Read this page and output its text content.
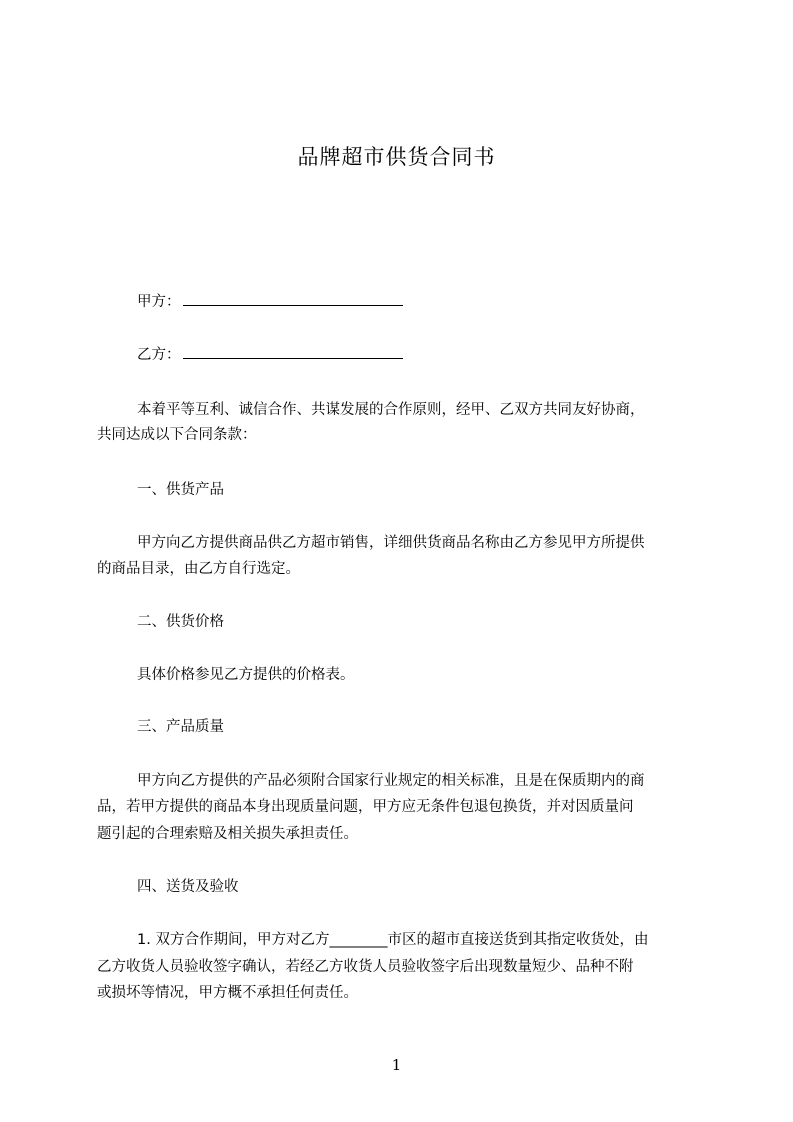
品牌超市供货合同书
甲方：
乙方：
本着平等互利、诚信合作、共谋发展的合作原则，经甲、乙双方共同友好协商，
共同达成以下合同条款：
一、供货产品
甲方向乙方提供商品供乙方超市销售，详细供货商品名称由乙方参见甲方所提供
的商品目录，由乙方自行选定。
二、供货价格
具体价格参见乙方提供的价格表。
三、产品质量
甲方向乙方提供的产品必须附合国家行业规定的相关标准，且是在保质期内的商
品，若甲方提供的商品本身出现质量问题，甲方应无条件包退包换货，并对因质量问
题引起的合理索赔及相关损失承担责任。
四、送货及验收
1. 双方合作期间，甲方对乙方________市区的超市直接送货到其指定收货处，由
乙方收货人员验收签字确认，若经乙方收货人员验收签字后出现数量短少、品种不附
或损坏等情况，甲方概不承担任何责任。
1
